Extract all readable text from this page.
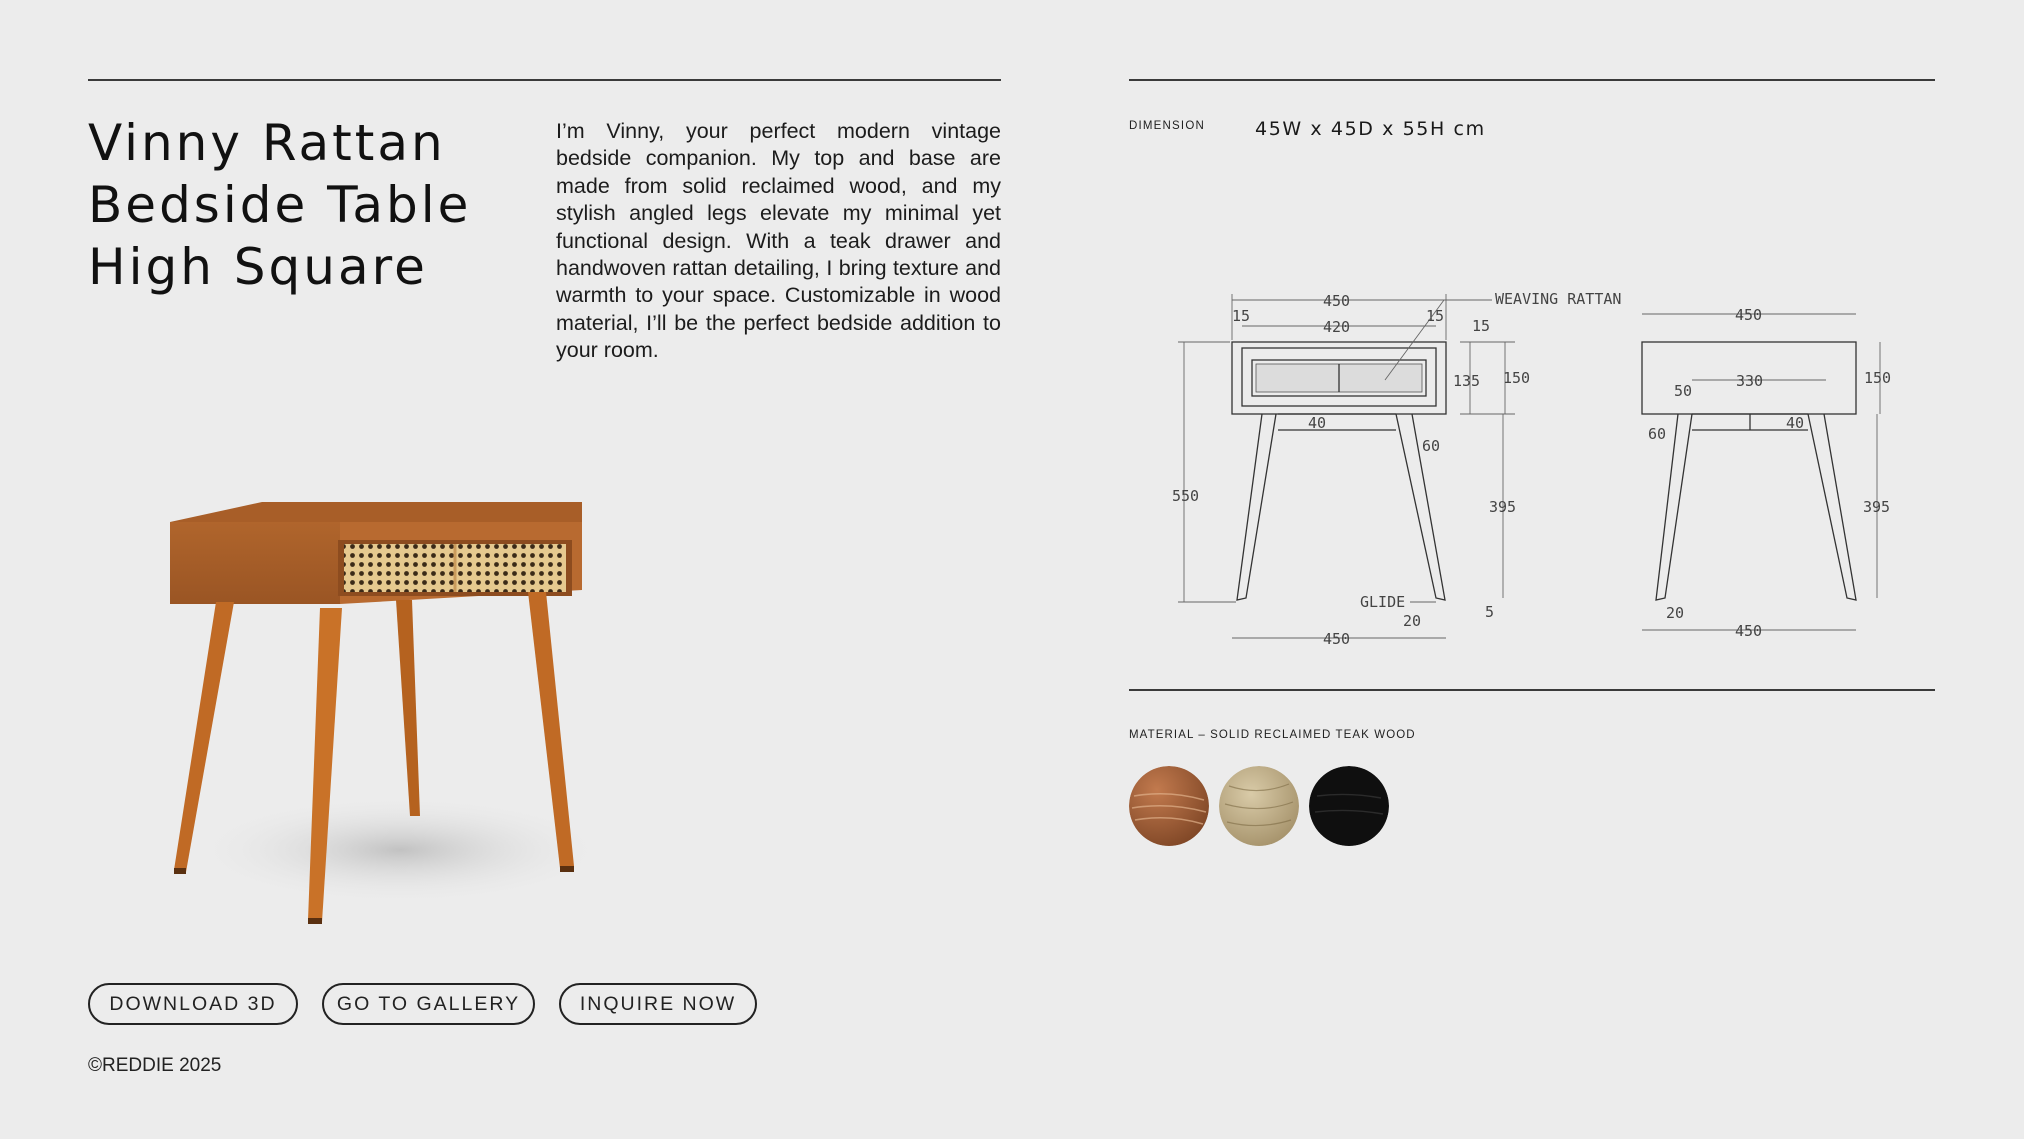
Vinny Rattan
Bedside Table
High Square

I’m Vinny, your perfect modern vintage bedside companion. My top and base are made from solid reclaimed wood, and my stylish angled legs elevate my minimal yet functional design. With a teak drawer and handwoven rattan detailing, I bring texture and warmth to your space. Customizable in wood material, I’ll be the perfect bedside addition to your room.

DOWNLOAD 3D	GO TO GALLERY	INQUIRE NOW
©REDDIE 2025
DIMENSION	45W x 45D x 55H cm
450
420
15	15
15
WEAVING RATTAN
135 150
40
60
550
395
5
GLIDE
20
450
450
330
50
40
150
60
395
20
450
MATERIAL – SOLID RECLAIMED TEAK WOOD
